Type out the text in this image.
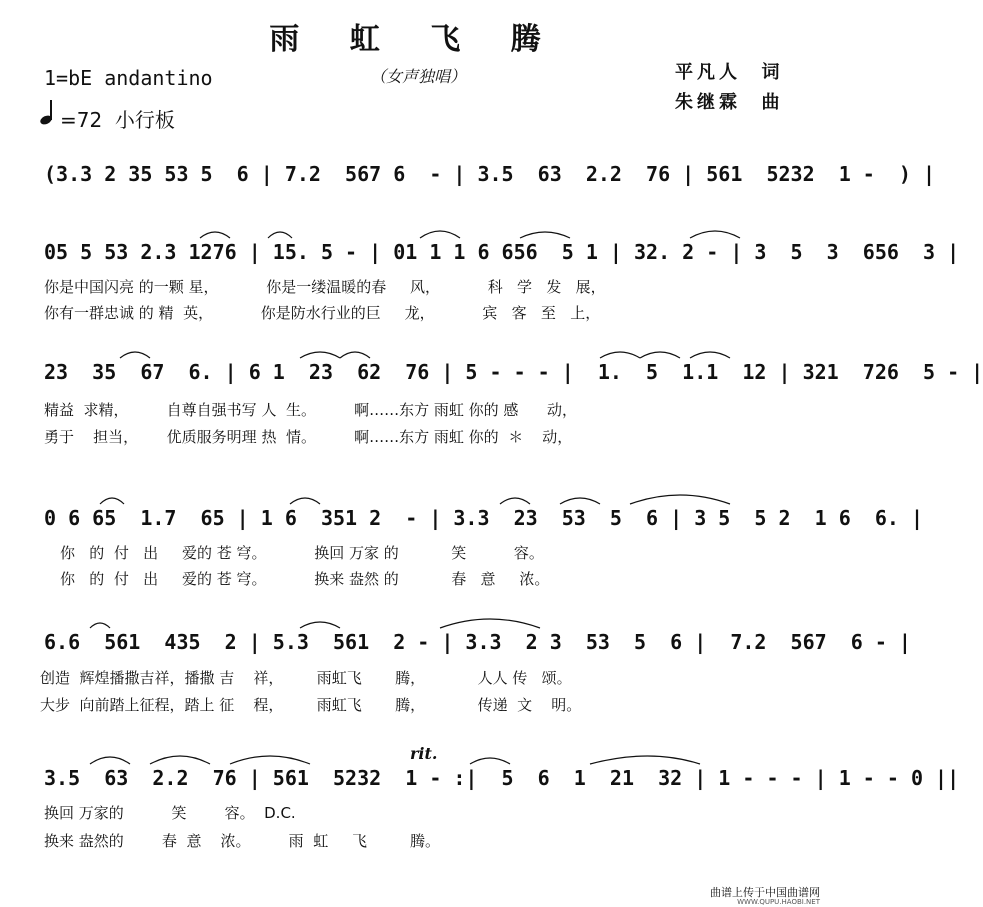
雨 虹 飞 腾
1=bE andantino	（女声独唱）	平凡人  词
朱继霖  曲
=72  小行板
(3.3 2 35 53 5  6 | 7.2  567 6  - | 3.5  63  2.2  76 | 561  5232  1 -  ) |
05 5 53 2.3 1276 | 15. 5 - | 01 1 1 6 656  5 1 | 32. 2 - | 3  5  3  656  3 |
你是中国闪亮 的一颗 星，          你是一缕温暖的春     风，          科   学   发   展，
你有一群忠诚 的 精  英，          你是防水行业的巨     龙，          宾   客   至   上，
23  35  67  6. | 6 1  23  62  76 | 5 - - - |  1.  5  1.1  12 | 321  726  5 - |
精益  求精，        自尊自强书写 人  生。        啊……东方 雨虹 你的 感      动，
勇于    担当，      优质服务明理 热  情。        啊……东方 雨虹 你的  ＊    动，
0 6 65  1.7  65 | 1 6  351 2  - | 3.3  23  53  5  6 | 3 5  5 2  1 6  6. |
你   的  付   出     爱的 苍 穹。          换回 万家 的           笑          容。
你   的  付   出     爱的 苍 穹。          换来 盎然 的           春   意     浓。
6.6  561  435  2 | 5.3  561  2 - | 3.3  2 3  53  5  6 |  7.2  567  6 - |
创造  辉煌播撒吉祥，播撒 吉    祥，       雨虹飞       腾，           人人 传   颂。
大步  向前踏上征程，踏上 征    程，       雨虹飞       腾，           传递  文    明。
rit.
3.5  63  2.2  76 | 561  5232  1 - :|  5  6  1  21  32 | 1 - - - | 1 - - 0 ||
换回 万家的          笑        容。  D.C.
换来 盎然的        春  意    浓。        雨  虹     飞         腾。
曲谱上传于中国曲谱网
WWW.QUPU.HAOBI.NET
